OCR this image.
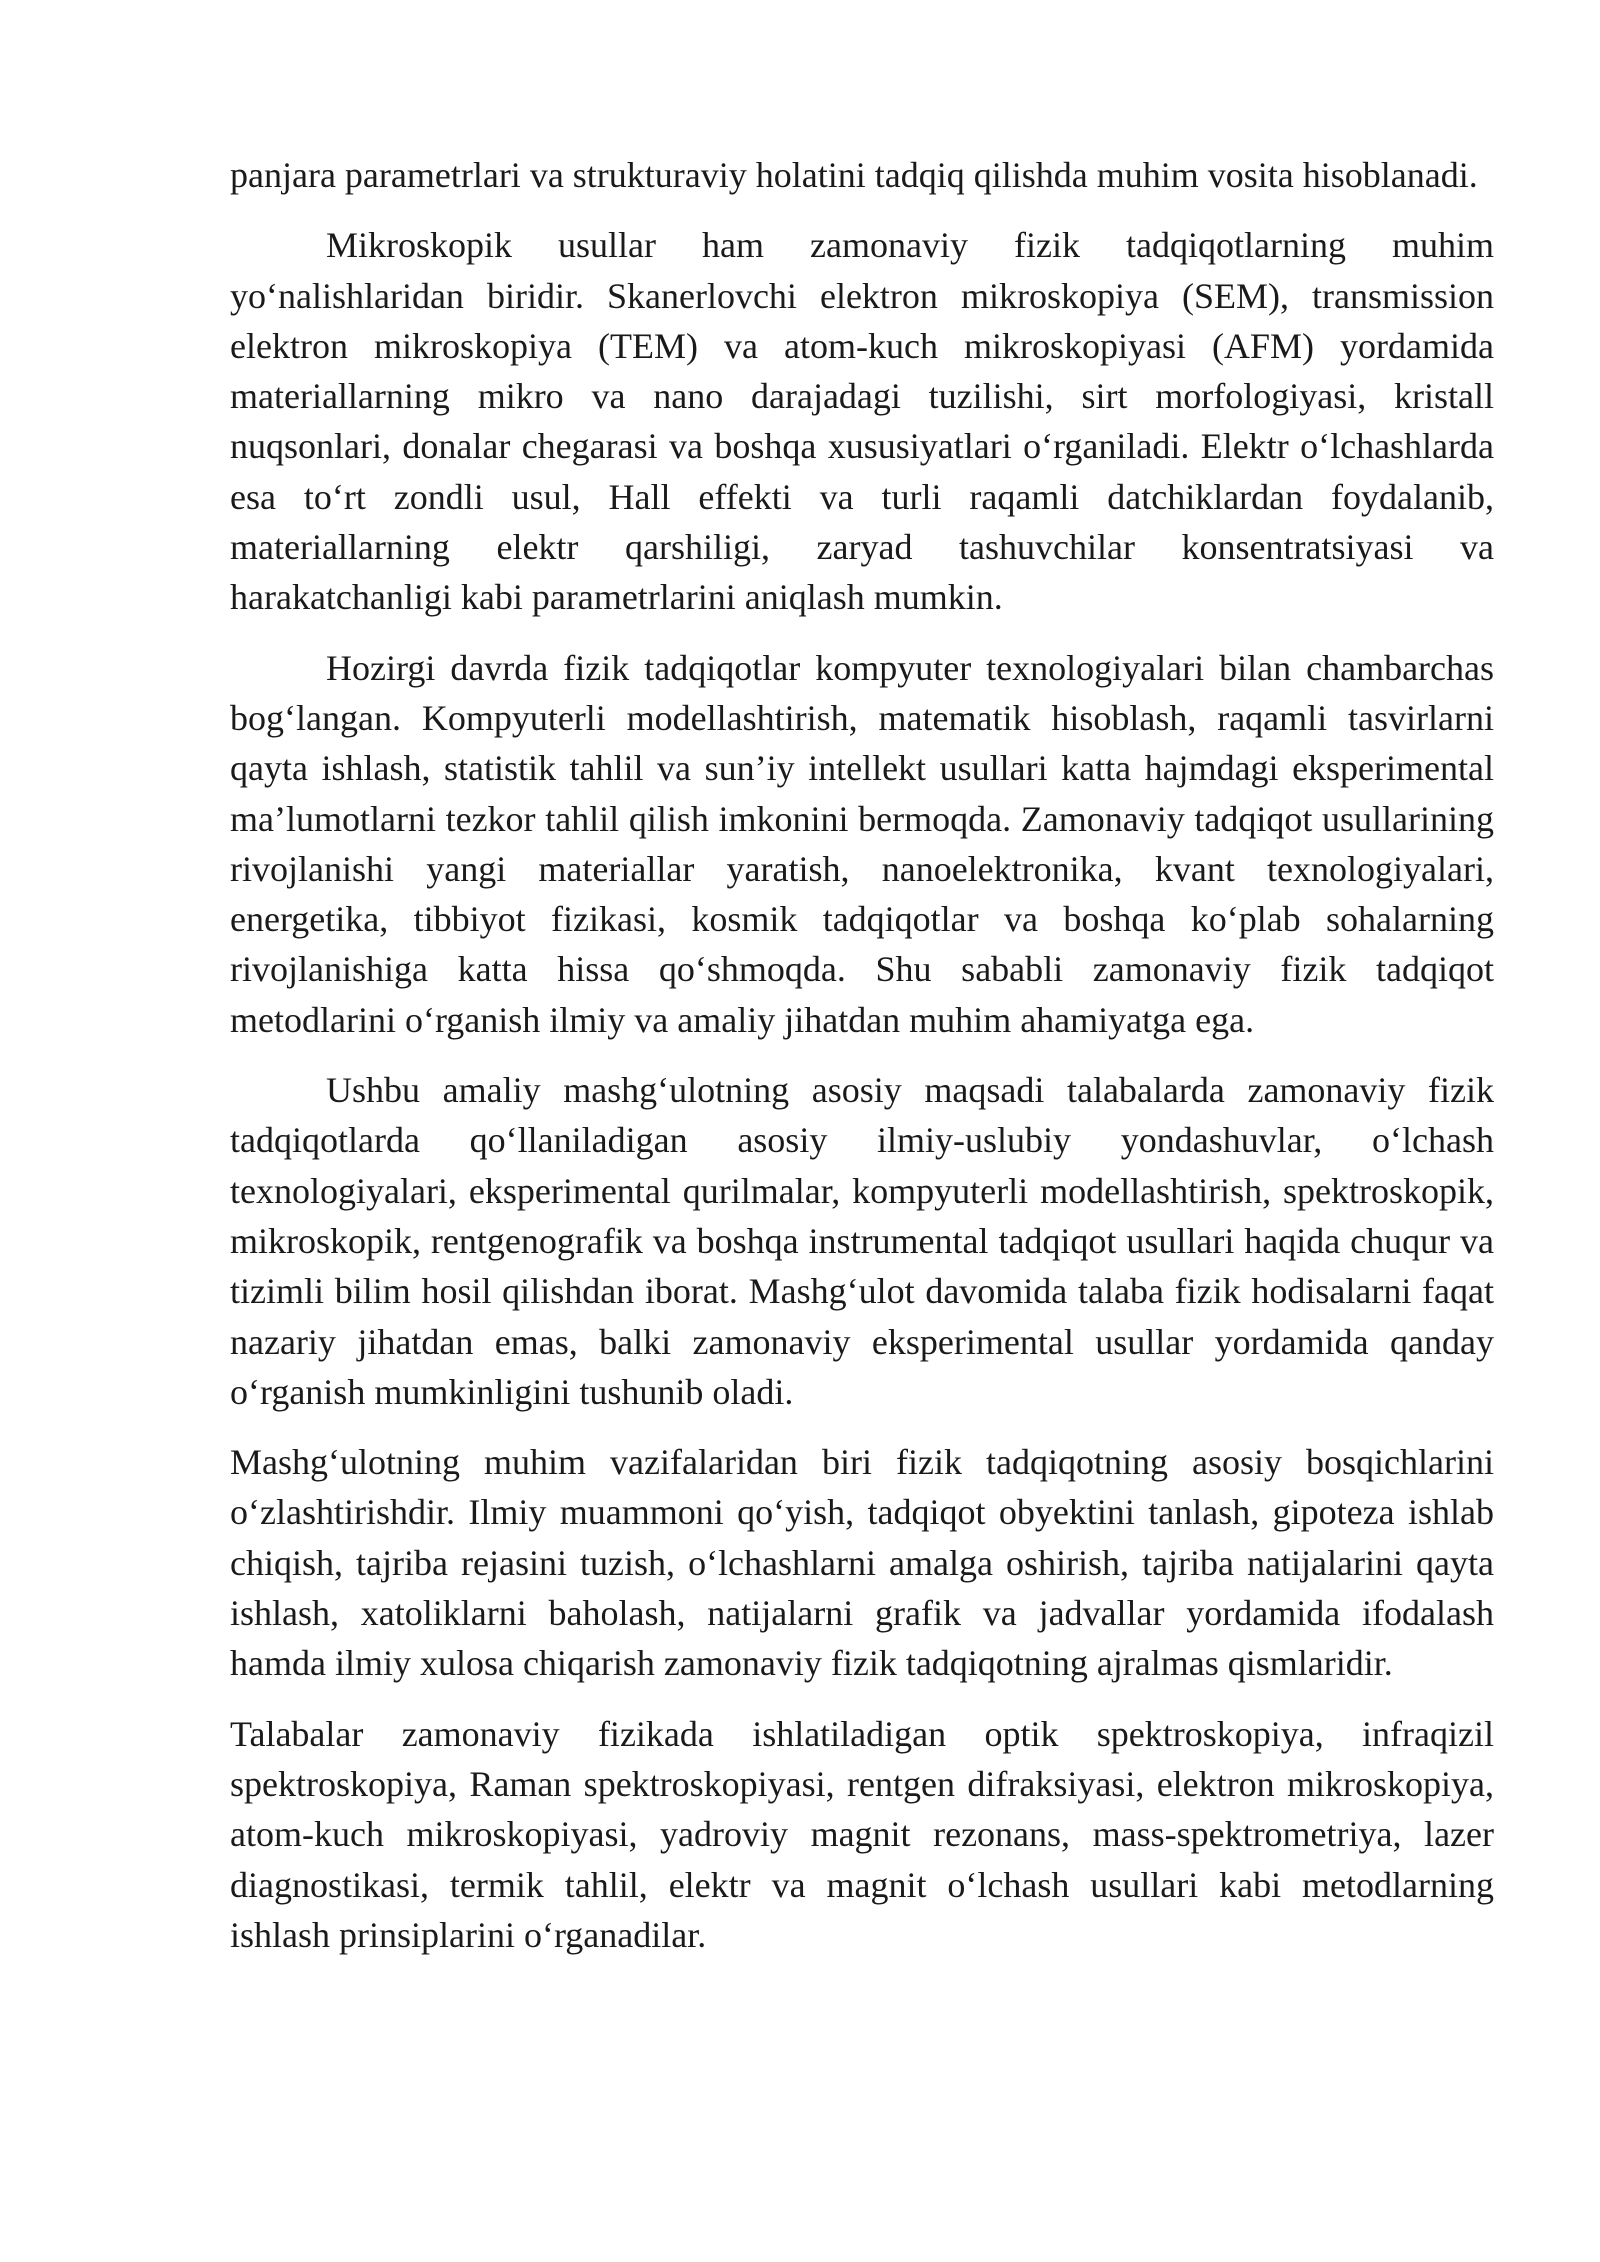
panjara parametrlari va strukturaviy holatini tadqiq qilishda muhim vosita hisoblanadi.

Mikroskopik usullar ham zamonaviy fizik tadqiqotlarning muhim yo‘nalishlaridan biridir. Skanerlovchi elektron mikroskopiya (SEM), transmission elektron mikroskopiya (TEM) va atom-kuch mikroskopiyasi (AFM) yordamida materiallarning mikro va nano darajadagi tuzilishi, sirt morfologiyasi, kristall nuqsonlari, donalar chegarasi va boshqa xususiyatlari o‘rganiladi. Elektr o‘lchashlarda esa to‘rt zondli usul, Hall effekti va turli raqamli datchiklardan foydalanib, materiallarning elektr qarshiligi, zaryad tashuvchilar konsentratsiyasi va harakatchanligi kabi parametrlarini aniqlash mumkin.

Hozirgi davrda fizik tadqiqotlar kompyuter texnologiyalari bilan chambarchas bog‘langan. Kompyuterli modellashtirish, matematik hisoblash, raqamli tasvirlarni qayta ishlash, statistik tahlil va sun’iy intellekt usullari katta hajmdagi eksperimental ma’lumotlarni tezkor tahlil qilish imkonini bermoqda. Zamonaviy tadqiqot usullarining rivojlanishi yangi materiallar yaratish, nanoelektronika, kvant texnologiyalari, energetika, tibbiyot fizikasi, kosmik tadqiqotlar va boshqa ko‘plab sohalarning rivojlanishiga katta hissa qo‘shmoqda. Shu sababli zamonaviy fizik tadqiqot metodlarini o‘rganish ilmiy va amaliy jihatdan muhim ahamiyatga ega.

Ushbu amaliy mashg‘ulotning asosiy maqsadi talabalarda zamonaviy fizik tadqiqotlarda qo‘llaniladigan asosiy ilmiy-uslubiy yondashuvlar, o‘lchash texnologiyalari, eksperimental qurilmalar, kompyuterli modellashtirish, spektroskopik, mikroskopik, rentgenografik va boshqa instrumental tadqiqot usullari haqida chuqur va tizimli bilim hosil qilishdan iborat. Mashg‘ulot davomida talaba fizik hodisalarni faqat nazariy jihatdan emas, balki zamonaviy eksperimental usullar yordamida qanday o‘rganish mumkinligini tushunib oladi.

Mashg‘ulotning muhim vazifalaridan biri fizik tadqiqotning asosiy bosqichlarini o‘zlashtirishdir. Ilmiy muammoni qo‘yish, tadqiqot obyektini tanlash, gipoteza ishlab chiqish, tajriba rejasini tuzish, o‘lchashlarni amalga oshirish, tajriba natijalarini qayta ishlash, xatoliklarni baholash, natijalarni grafik va jadvallar yordamida ifodalash hamda ilmiy xulosa chiqarish zamonaviy fizik tadqiqotning ajralmas qismlaridir.

Talabalar zamonaviy fizikada ishlatiladigan optik spektroskopiya, infraqizil spektroskopiya, Raman spektroskopiyasi, rentgen difraksiyasi, elektron mikroskopiya, atom-kuch mikroskopiyasi, yadroviy magnit rezonans, mass-spektrometriya, lazer diagnostikasi, termik tahlil, elektr va magnit o‘lchash usullari kabi metodlarning ishlash prinsiplarini o‘rganadilar.
